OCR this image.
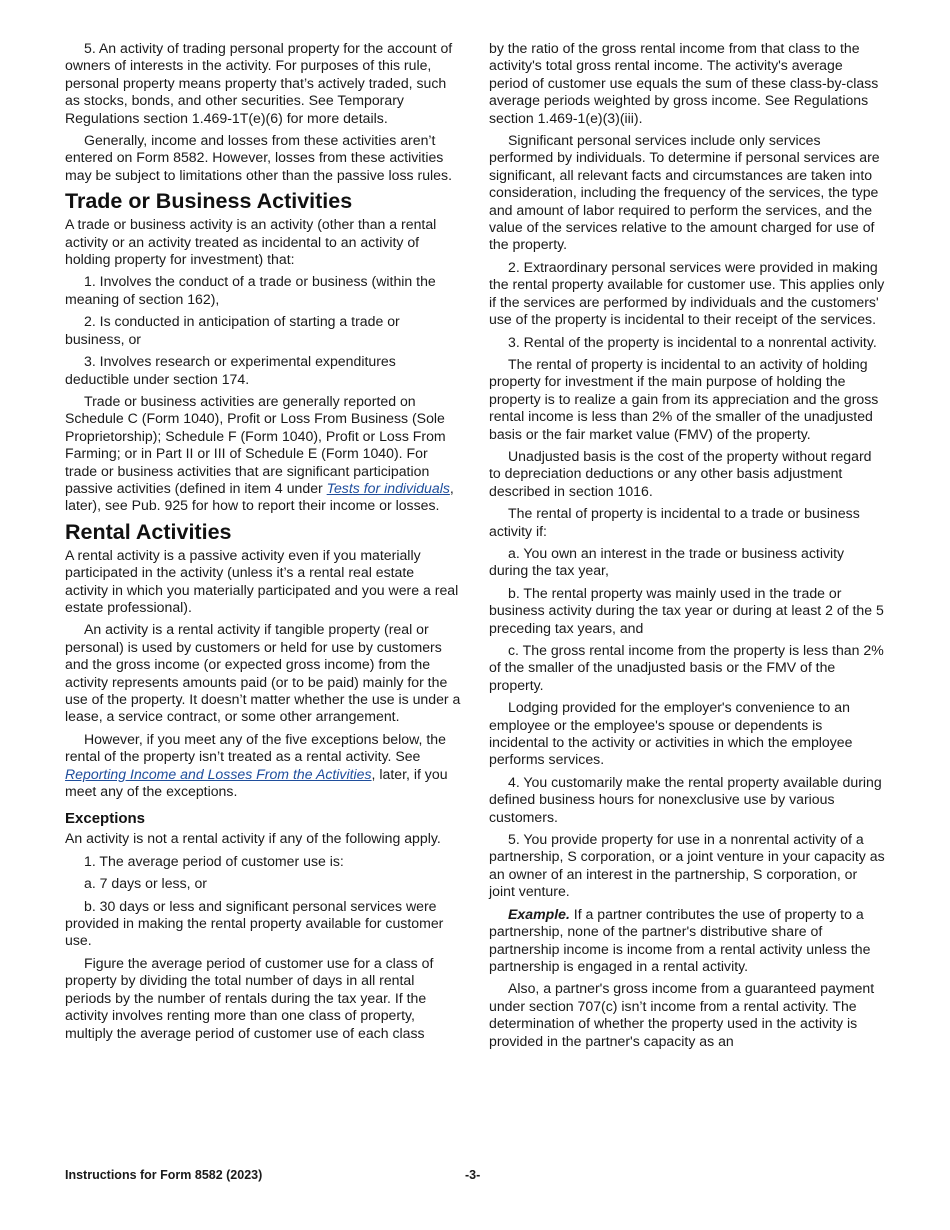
5. An activity of trading personal property for the account of owners of interests in the activity. For purposes of this rule, personal property means property that’s actively traded, such as stocks, bonds, and other securities. See Temporary Regulations section 1.469-1T(e)(6) for more details.

Generally, income and losses from these activities aren’t entered on Form 8582. However, losses from these activities may be subject to limitations other than the passive loss rules.

Trade or Business Activities

A trade or business activity is an activity (other than a rental activity or an activity treated as incidental to an activity of holding property for investment) that:

1. Involves the conduct of a trade or business (within the meaning of section 162),

2. Is conducted in anticipation of starting a trade or business, or

3. Involves research or experimental expenditures deductible under section 174.

Trade or business activities are generally reported on Schedule C (Form 1040), Profit or Loss From Business (Sole Proprietorship); Schedule F (Form 1040), Profit or Loss From Farming; or in Part II or III of Schedule E (Form 1040). For trade or business activities that are significant participation passive activities (defined in item 4 under Tests for individuals, later), see Pub. 925 for how to report their income or losses.

Rental Activities

A rental activity is a passive activity even if you materially participated in the activity (unless it’s a rental real estate activity in which you materially participated and you were a real estate professional).

An activity is a rental activity if tangible property (real or personal) is used by customers or held for use by customers and the gross income (or expected gross income) from the activity represents amounts paid (or to be paid) mainly for the use of the property. It doesn’t matter whether the use is under a lease, a service contract, or some other arrangement.

However, if you meet any of the five exceptions below, the rental of the property isn’t treated as a rental activity. See Reporting Income and Losses From the Activities, later, if you meet any of the exceptions.

Exceptions

An activity is not a rental activity if any of the following apply.

1. The average period of customer use is:

a. 7 days or less, or

b. 30 days or less and significant personal services were provided in making the rental property available for customer use.

Figure the average period of customer use for a class of property by dividing the total number of days in all rental periods by the number of rentals during the tax year. If the activity involves renting more than one class of property, multiply the average period of customer use of each class

by the ratio of the gross rental income from that class to the activity's total gross rental income. The activity's average period of customer use equals the sum of these class-by-class average periods weighted by gross income. See Regulations section 1.469-1(e)(3)(iii).

Significant personal services include only services performed by individuals. To determine if personal services are significant, all relevant facts and circumstances are taken into consideration, including the frequency of the services, the type and amount of labor required to perform the services, and the value of the services relative to the amount charged for use of the property.

2. Extraordinary personal services were provided in making the rental property available for customer use. This applies only if the services are performed by individuals and the customers' use of the property is incidental to their receipt of the services.

3. Rental of the property is incidental to a nonrental activity.

The rental of property is incidental to an activity of holding property for investment if the main purpose of holding the property is to realize a gain from its appreciation and the gross rental income is less than 2% of the smaller of the unadjusted basis or the fair market value (FMV) of the property.

Unadjusted basis is the cost of the property without regard to depreciation deductions or any other basis adjustment described in section 1016.

The rental of property is incidental to a trade or business activity if:

a. You own an interest in the trade or business activity during the tax year,

b. The rental property was mainly used in the trade or business activity during the tax year or during at least 2 of the 5 preceding tax years, and

c. The gross rental income from the property is less than 2% of the smaller of the unadjusted basis or the FMV of the property.

Lodging provided for the employer's convenience to an employee or the employee's spouse or dependents is incidental to the activity or activities in which the employee performs services.

4. You customarily make the rental property available during defined business hours for nonexclusive use by various customers.

5. You provide property for use in a nonrental activity of a partnership, S corporation, or a joint venture in your capacity as an owner of an interest in the partnership, S corporation, or joint venture.

Example. If a partner contributes the use of property to a partnership, none of the partner's distributive share of partnership income is income from a rental activity unless the partnership is engaged in a rental activity.

Also, a partner's gross income from a guaranteed payment under section 707(c) isn’t income from a rental activity. The determination of whether the property used in the activity is provided in the partner's capacity as an

Instructions for Form 8582 (2023)	-3-
